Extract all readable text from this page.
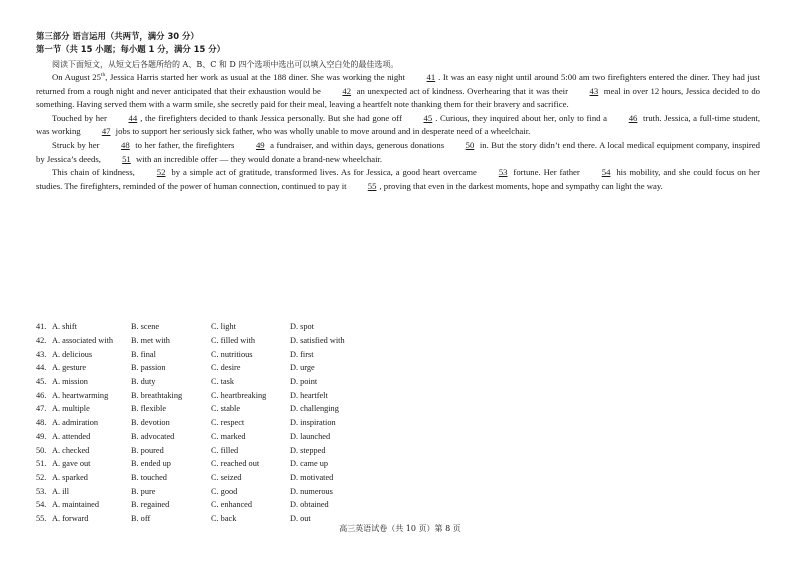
第三部分 语言运用（共两节，满分 30 分）
第一节（共 15 小题；每小题 1 分，满分 15 分）
阅读下面短文，从短文后各题所给的 A、B、C 和 D 四个选项中选出可以填入空白处的最佳选项。

On August 25th, Jessica Harris started her work as usual at the 188 diner. She was working the night 41 . It was an easy night until around 5:00 am two firefighters entered the diner. They had just returned from a rough night and never anticipated that their exhaustion would be 42 an unexpected act of kindness. Overhearing that it was their 43 meal in over 12 hours, Jessica decided to do something. Having served them with a warm smile, she secretly paid for their meal, leaving a heartfelt note thanking them for their bravery and sacrifice.

Touched by her 44 , the firefighters decided to thank Jessica personally. But she had gone off 45 . Curious, they inquired about her, only to find a 46 truth. Jessica, a full-time student, was working 47 jobs to support her seriously sick father, who was wholly unable to move around and in desperate need of a wheelchair.

Struck by her 48 to her father, the firefighters 49 a fundraiser, and within days, generous donations 50 in. But the story didn’t end there. A local medical equipment company, inspired by Jessica’s deeds, 51 with an incredible offer — they would donate a brand-new wheelchair.

This chain of kindness, 52 by a simple act of gratitude, transformed lives. As for Jessica, a good heart overcame 53 fortune. Her father 54 his mobility, and she could focus on her studies. The firefighters, reminded of the power of human connection, continued to pay it 55 , proving that even in the darkest moments, hope and sympathy can light the way.

41. A. shift	B. scene	C. light	D. spot
42. A. associated with	B. met with	C. filled with	D. satisfied with
43. A. delicious	B. final	C. nutritious	D. first
44. A. gesture	B. passion	C. desire	D. urge
45. A. mission	B. duty	C. task	D. point
46. A. heartwarming	B. breathtaking	C. heartbreaking	D. heartfelt
47. A. multiple	B. flexible	C. stable	D. challenging
48. A. admiration	B. devotion	C. respect	D. inspiration
49. A. attended	B. advocated	C. marked	D. launched
50. A. checked	B. poured	C. filled	D. stepped
51. A. gave out	B. ended up	C. reached out	D. came up
52. A. sparked	B. touched	C. seized	D. motivated
53. A. ill	B. pure	C. good	D. numerous
54. A. maintained	B. regained	C. enhanced	D. obtained
55. A. forward	B. off	C. back	D. out
高三英语试卷（共 10 页）第 8 页
